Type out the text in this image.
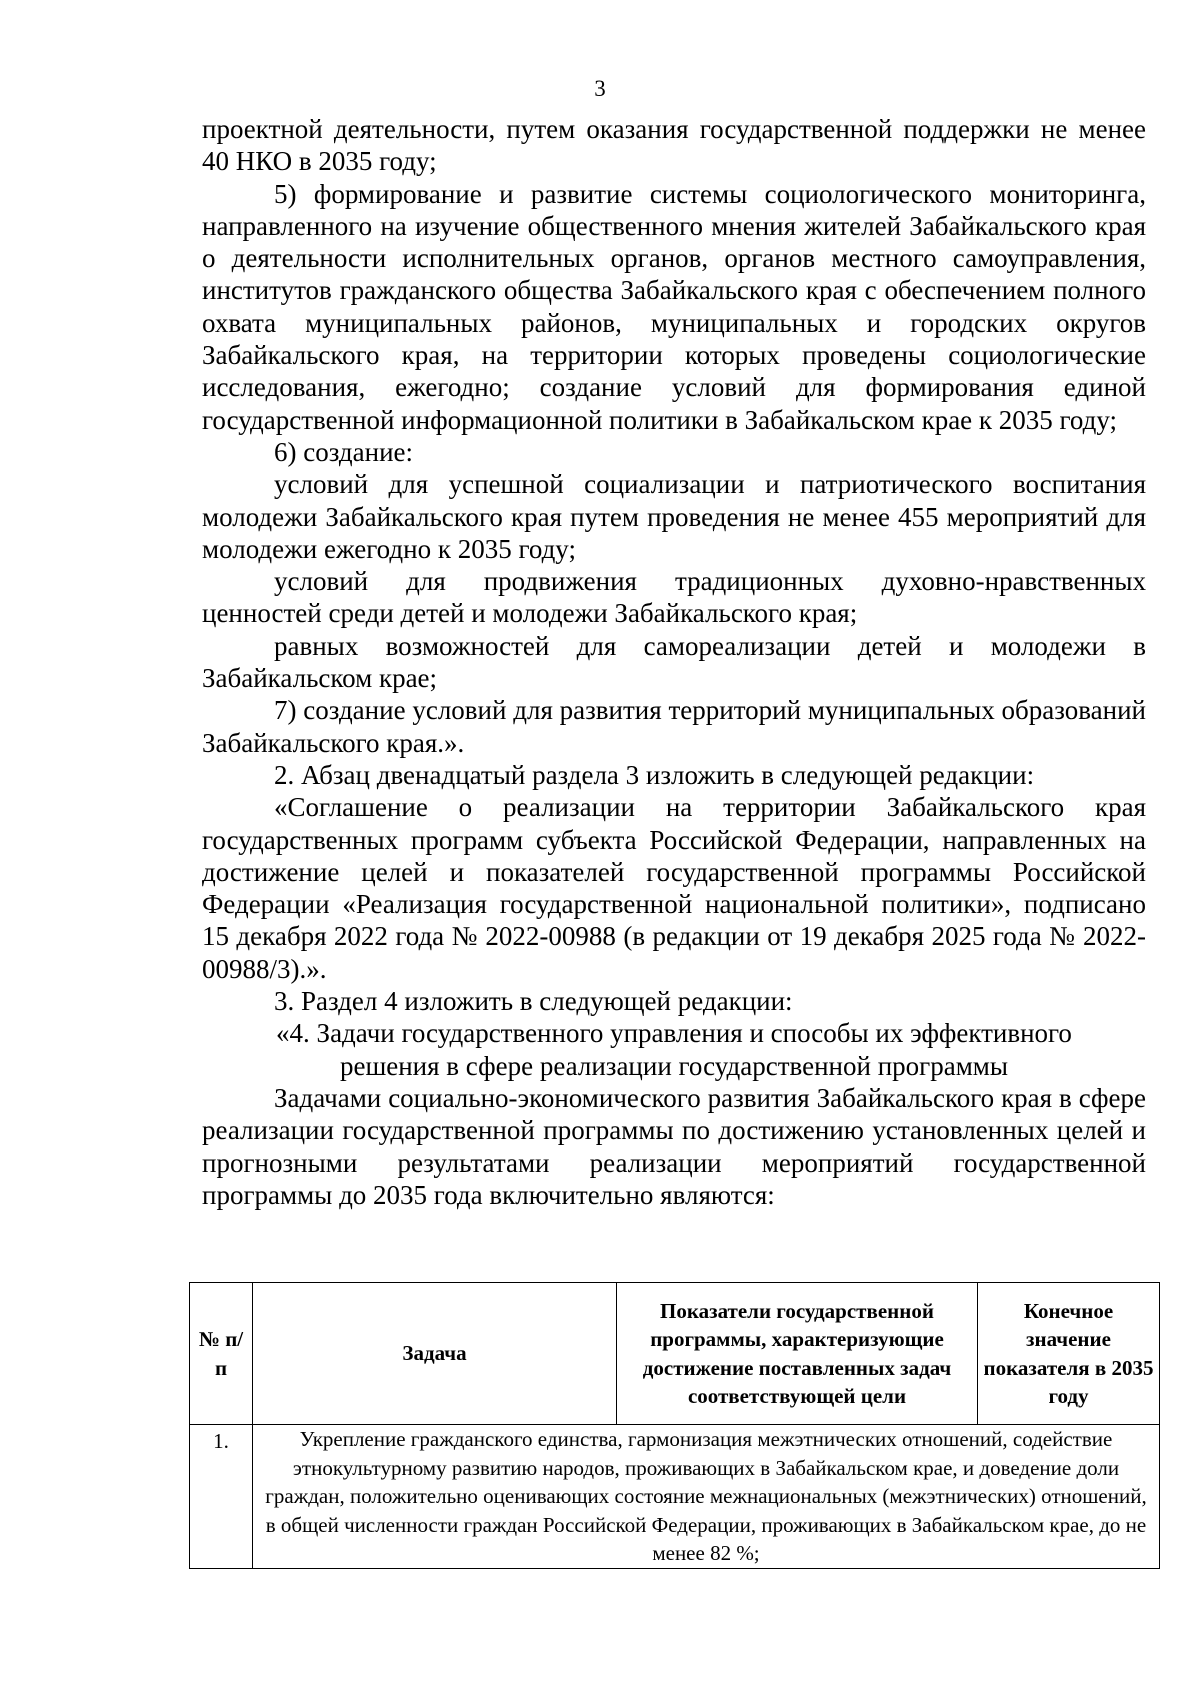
3

проектной деятельности, путем оказания государственной поддержки не менее 40 НКО в 2035 году;

5) формирование и развитие системы социологического мониторинга, направленного на изучение общественного мнения жителей Забайкальского края о деятельности исполнительных органов, органов местного самоуправления, институтов гражданского общества Забайкальского края с обеспечением полного охвата муниципальных районов, муниципальных и городских округов Забайкальского края, на территории которых проведены социологические исследования, ежегодно; создание условий для формирования единой государственной информационной политики в Забайкальском крае к 2035 году;

6) создание:

условий для успешной социализации и патриотического воспитания молодежи Забайкальского края путем проведения не менее 455 мероприятий для молодежи ежегодно к 2035 году;

условий для продвижения традиционных духовно-нравственных ценностей среди детей и молодежи Забайкальского края;

равных возможностей для самореализации детей и молодежи в Забайкальском крае;

7) создание условий для развития территорий муниципальных образований Забайкальского края.».

2. Абзац двенадцатый раздела 3 изложить в следующей редакции:

«Соглашение о реализации на территории Забайкальского края государственных программ субъекта Российской Федерации, направленных на достижение целей и показателей государственной программы Российской Федерации «Реализация государственной национальной политики», подписано 15 декабря 2022 года № 2022-00988 (в редакции от 19 декабря 2025 года № 2022-00988/3).».

3. Раздел 4 изложить в следующей редакции:

«4. Задачи государственного управления и способы их эффективного

решения в сфере реализации государственной программы

Задачами социально-экономического развития Забайкальского края в сфере реализации государственной программы по достижению установленных целей и прогнозными результатами реализации мероприятий государственной программы до 2035 года включительно являются:

№ п/п	Задача	Показатели государственной программы, характеризующие достижение поставленных задач соответствующей цели	Конечное значение показателя в 2035 году
1.	Укрепление гражданского единства, гармонизация межэтнических отношений, содействие этнокультурному развитию народов, проживающих в Забайкальском крае, и доведение доли граждан, положительно оценивающих состояние межнациональных (межэтнических) отношений, в общей численности граждан Российской Федерации, проживающих в Забайкальском крае, до не менее 82 %;		
